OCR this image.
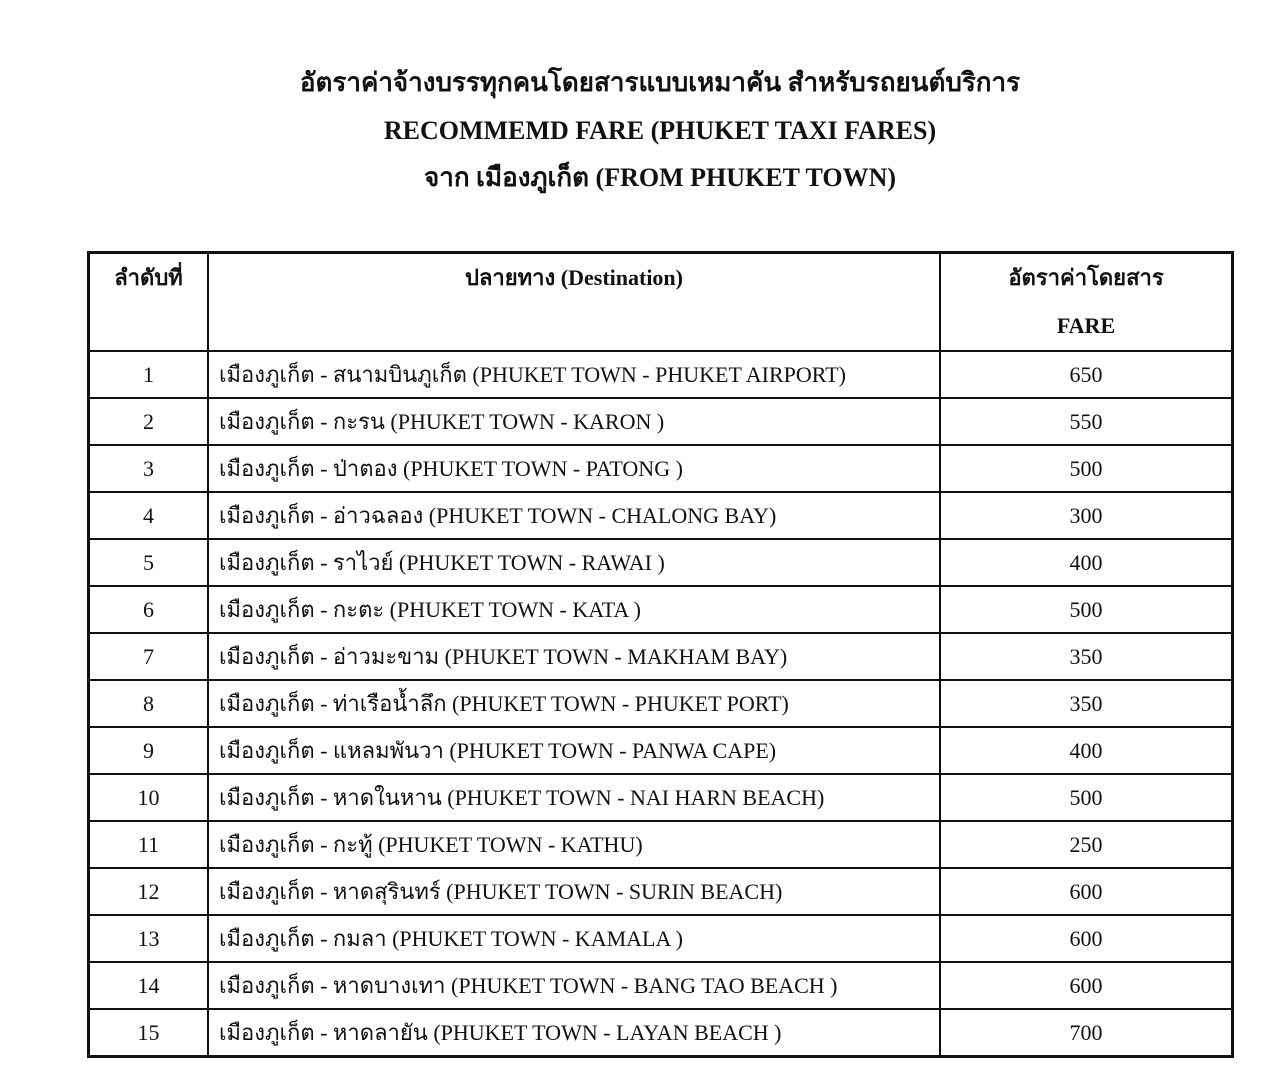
อัตราค่าจ้างบรรทุกคนโดยสารแบบเหมาคัน สำหรับรถยนต์บริการ
RECOMMEMD FARE (PHUKET TAXI FARES)
จาก เมืองภูเก็ต (FROM PHUKET TOWN)
ลำดับที่	ปลายทาง (Destination)	อัตราค่าโดยสาร
FARE

1	เมืองภูเก็ต - สนามบินภูเก็ต (PHUKET TOWN - PHUKET AIRPORT)	650
2	เมืองภูเก็ต - กะรน (PHUKET TOWN - KARON )	550
3	เมืองภูเก็ต - ป่าตอง (PHUKET TOWN - PATONG )	500
4	เมืองภูเก็ต - อ่าวฉลอง (PHUKET TOWN - CHALONG BAY)	300
5	เมืองภูเก็ต - ราไวย์ (PHUKET TOWN - RAWAI )	400
6	เมืองภูเก็ต - กะตะ (PHUKET TOWN - KATA )	500
7	เมืองภูเก็ต - อ่าวมะขาม (PHUKET TOWN - MAKHAM BAY)	350
8	เมืองภูเก็ต - ท่าเรือน้ำลึก (PHUKET TOWN - PHUKET PORT)	350
9	เมืองภูเก็ต - แหลมพันวา (PHUKET TOWN - PANWA CAPE)	400
10	เมืองภูเก็ต - หาดในหาน (PHUKET TOWN - NAI HARN BEACH)	500
11	เมืองภูเก็ต - กะทู้ (PHUKET TOWN - KATHU)	250
12	เมืองภูเก็ต - หาดสุรินทร์ (PHUKET TOWN - SURIN BEACH)	600
13	เมืองภูเก็ต - กมลา (PHUKET TOWN - KAMALA )	600
14	เมืองภูเก็ต - หาดบางเทา (PHUKET TOWN - BANG TAO BEACH )	600
15	เมืองภูเก็ต - หาดลายัน (PHUKET TOWN - LAYAN BEACH )	700
